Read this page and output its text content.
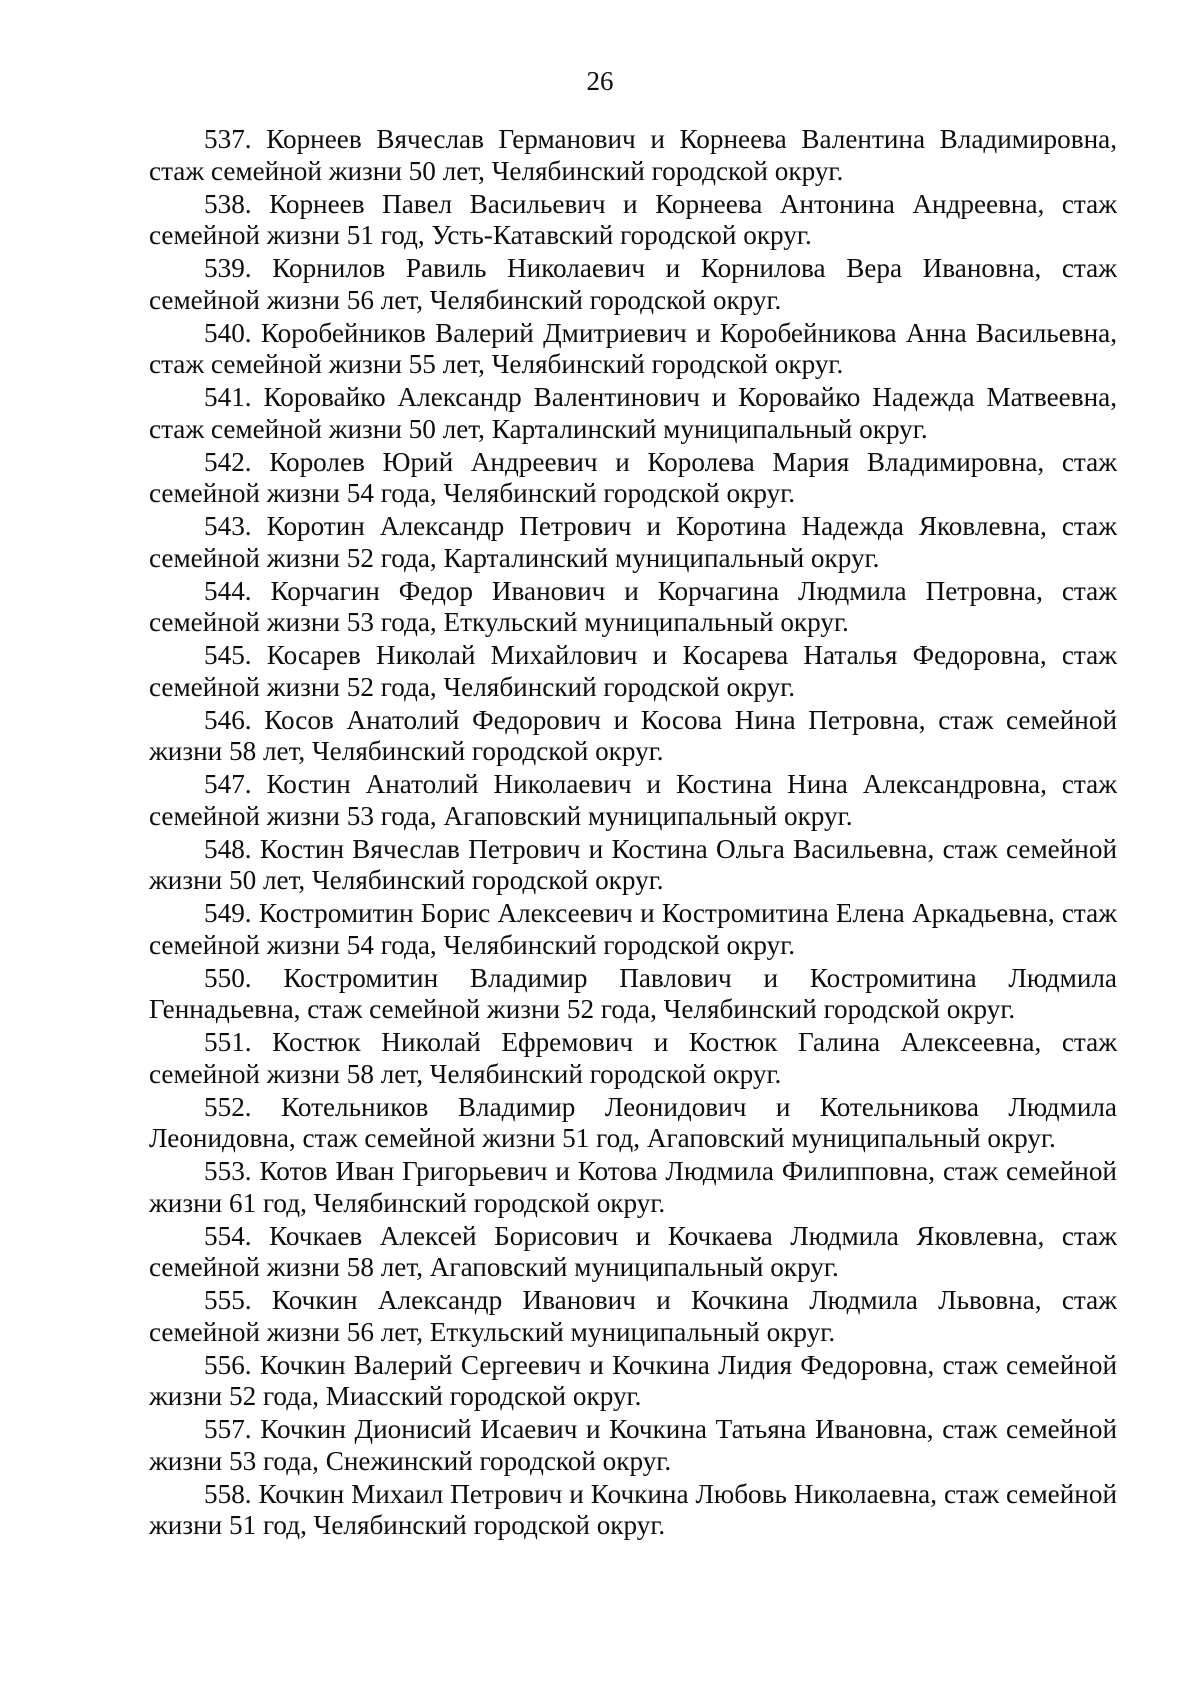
26

537. Корнеев Вячеслав Германович и Корнеева Валентина Владимировна, стаж семейной жизни 50 лет, Челябинский городской округ.

538. Корнеев Павел Васильевич и Корнеева Антонина Андреевна, стаж семейной жизни 51 год, Усть-Катавский городской округ.

539. Корнилов Равиль Николаевич и Корнилова Вера Ивановна, стаж семейной жизни 56 лет, Челябинский городской округ.

540. Коробейников Валерий Дмитриевич и Коробейникова Анна Васильевна, стаж семейной жизни 55 лет, Челябинский городской округ.

541. Коровайко Александр Валентинович и Коровайко Надежда Матвеевна, стаж семейной жизни 50 лет, Карталинский муниципальный округ.

542. Королев Юрий Андреевич и Королева Мария Владимировна, стаж семейной жизни 54 года, Челябинский городской округ.

543. Коротин Александр Петрович и Коротина Надежда Яковлевна, стаж семейной жизни 52 года, Карталинский муниципальный округ.

544. Корчагин Федор Иванович и Корчагина Людмила Петровна, стаж семейной жизни 53 года, Еткульский муниципальный округ.

545. Косарев Николай Михайлович и Косарева Наталья Федоровна, стаж семейной жизни 52 года, Челябинский городской округ.

546. Косов Анатолий Федорович и Косова Нина Петровна, стаж семейной жизни 58 лет, Челябинский городской округ.

547. Костин Анатолий Николаевич и Костина Нина Александровна, стаж семейной жизни 53 года, Агаповский муниципальный округ.

548. Костин Вячеслав Петрович и Костина Ольга Васильевна, стаж семейной жизни 50 лет, Челябинский городской округ.

549. Костромитин Борис Алексеевич и Костромитина Елена Аркадьевна, стаж семейной жизни 54 года, Челябинский городской округ.

550. Костромитин Владимир Павлович и Костромитина Людмила Геннадьевна, стаж семейной жизни 52 года, Челябинский городской округ.

551. Костюк Николай Ефремович и Костюк Галина Алексеевна, стаж семейной жизни 58 лет, Челябинский городской округ.

552. Котельников Владимир Леонидович и Котельникова Людмила Леонидовна, стаж семейной жизни 51 год, Агаповский муниципальный округ.

553. Котов Иван Григорьевич и Котова Людмила Филипповна, стаж семейной жизни 61 год, Челябинский городской округ.

554. Кочкаев Алексей Борисович и Кочкаева Людмила Яковлевна, стаж семейной жизни 58 лет, Агаповский муниципальный округ.

555. Кочкин Александр Иванович и Кочкина Людмила Львовна, стаж семейной жизни 56 лет, Еткульский муниципальный округ.

556. Кочкин Валерий Сергеевич и Кочкина Лидия Федоровна, стаж семейной жизни 52 года, Миасский городской округ.

557. Кочкин Дионисий Исаевич и Кочкина Татьяна Ивановна, стаж семейной жизни 53 года, Снежинский городской округ.

558. Кочкин Михаил Петрович и Кочкина Любовь Николаевна, стаж семейной жизни 51 год, Челябинский городской округ.
